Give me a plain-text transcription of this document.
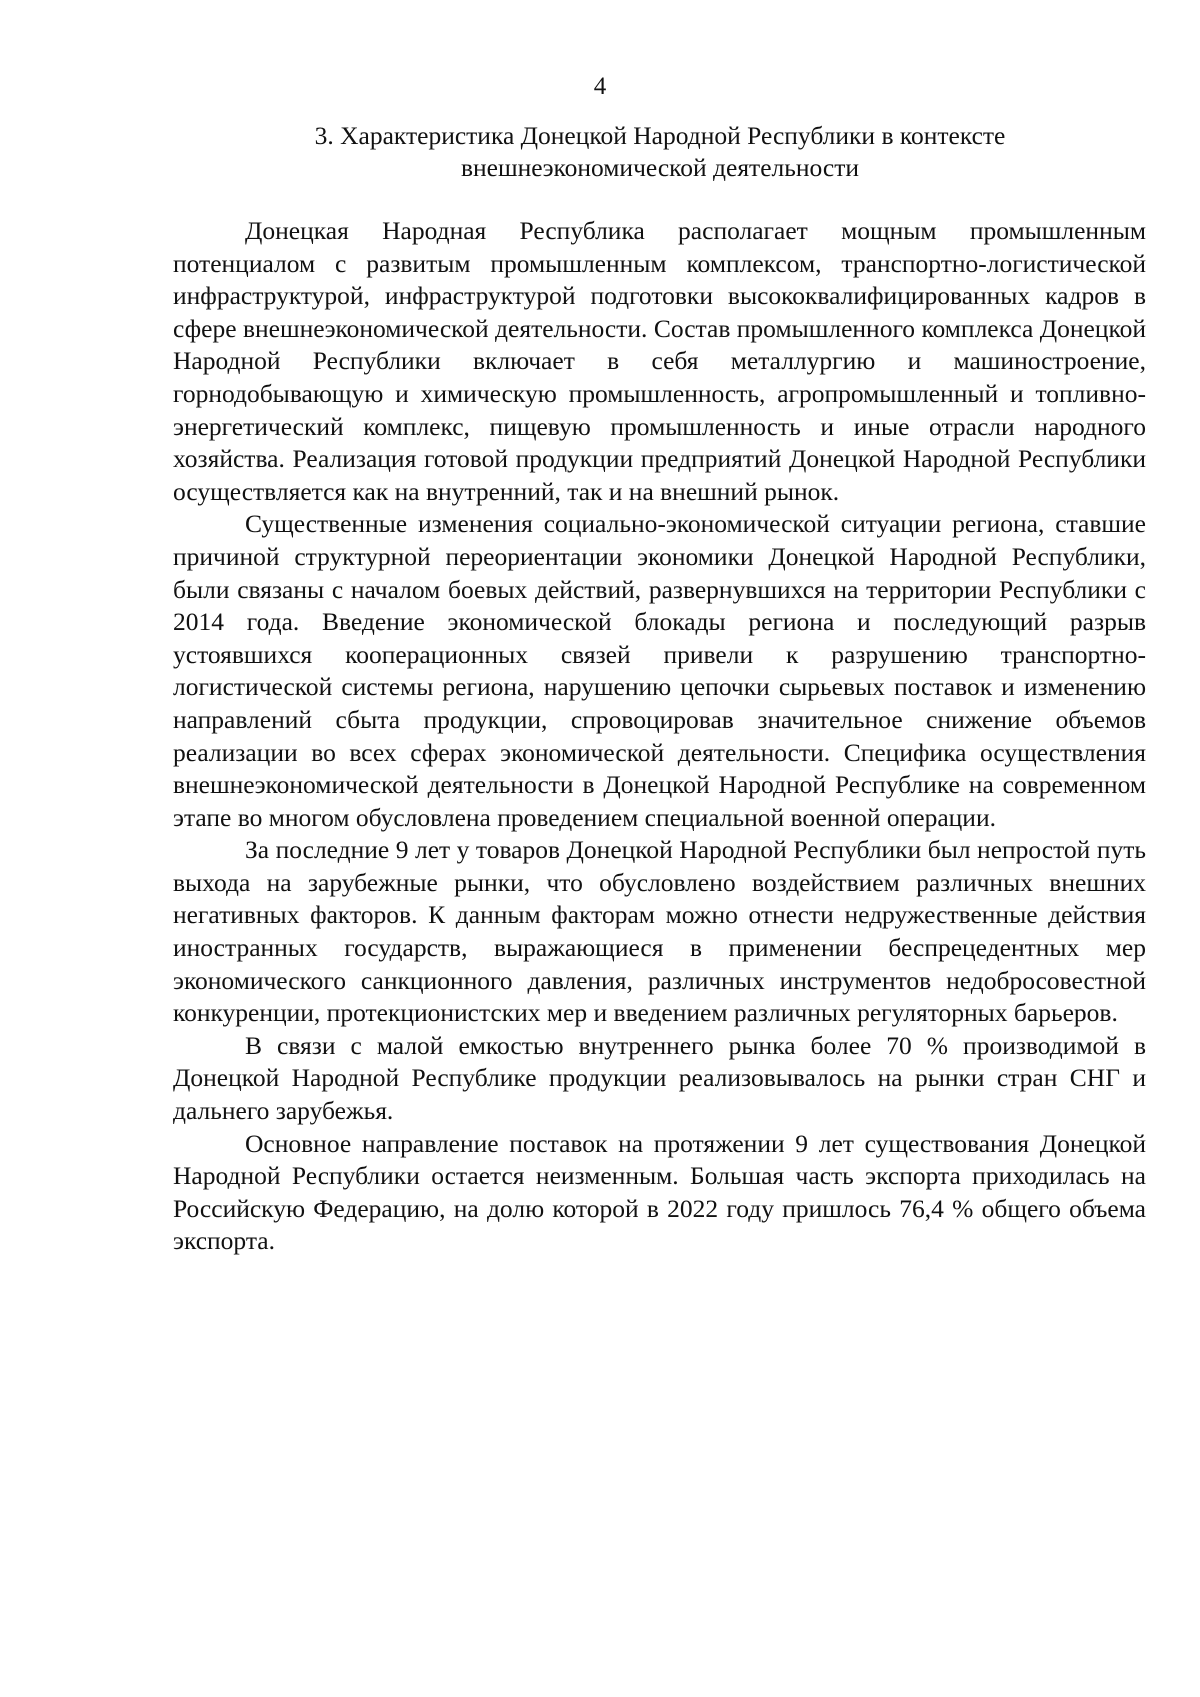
4
3. Характеристика Донецкой Народной Республики в контексте
внешнеэкономической деятельности

Донецкая Народная Республика располагает мощным промышленным потенциалом с развитым промышленным комплексом, транспортно-логистической инфраструктурой, инфраструктурой подготовки высококвалифицированных кадров в сфере внешнеэкономической деятельности. Состав промышленного комплекса Донецкой Народной Республики включает в себя металлургию и машиностроение, горнодобывающую и химическую промышленность, агропромышленный и топливно-энергетический комплекс, пищевую промышленность и иные отрасли народного хозяйства. Реализация готовой продукции предприятий Донецкой Народной Республики осуществляется как на внутренний, так и на внешний рынок.

Существенные изменения социально-экономической ситуации региона, ставшие причиной структурной переориентации экономики Донецкой Народной Республики, были связаны с началом боевых действий, развернувшихся на территории Республики с 2014 года. Введение экономической блокады региона и последующий разрыв устоявшихся кооперационных связей привели к разрушению транспортно-логистической системы региона, нарушению цепочки сырьевых поставок и изменению направлений сбыта продукции, спровоцировав значительное снижение объемов реализации во всех сферах экономической деятельности. Специфика осуществления внешнеэкономической деятельности в Донецкой Народной Республике на современном этапе во многом обусловлена проведением специальной военной операции.

За последние 9 лет у товаров Донецкой Народной Республики был непростой путь выхода на зарубежные рынки, что обусловлено воздействием различных внешних негативных факторов. К данным факторам можно отнести недружественные действия иностранных государств, выражающиеся в применении беспрецедентных мер экономического санкционного давления, различных инструментов недобросовестной конкуренции, протекционистских мер и введением различных регуляторных барьеров.

В связи с малой емкостью внутреннего рынка более 70 % производимой в Донецкой Народной Республике продукции реализовывалось на рынки стран СНГ и дальнего зарубежья.

Основное направление поставок на протяжении 9 лет существования Донецкой Народной Республики остается неизменным. Большая часть экспорта приходилась на Российскую Федерацию, на долю которой в 2022 году пришлось 76,4 % общего объема экспорта.
